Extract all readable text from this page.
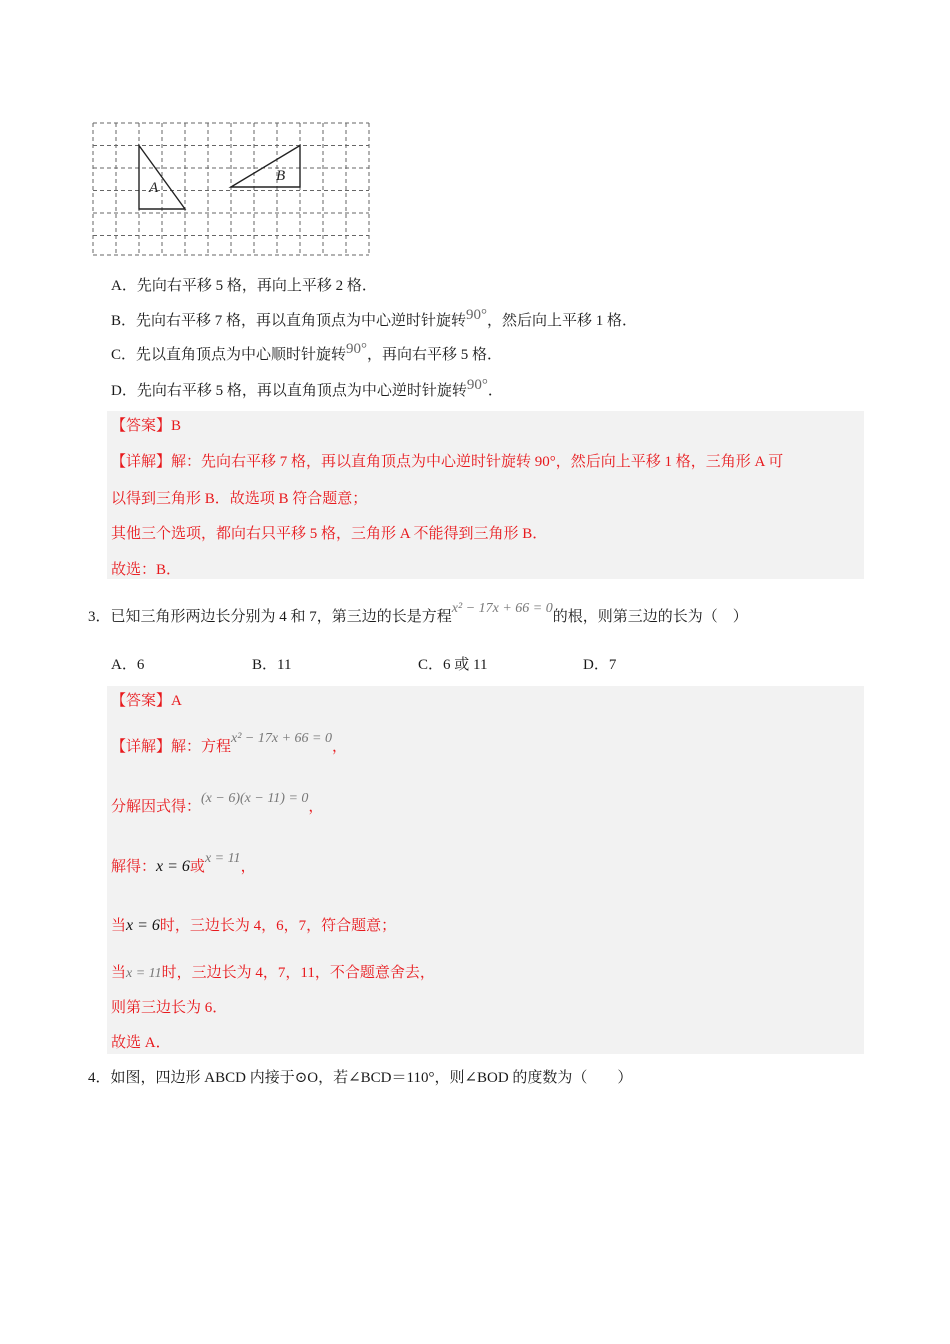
A
B
A．先向右平移 5 格，再向上平移 2 格．
B．先向右平移 7 格，再以直角顶点为中心逆时针旋转90°，然后向上平移 1 格．
C．先以直角顶点为中心顺时针旋转90°，再向右平移 5 格．
D．先向右平移 5 格，再以直角顶点为中心逆时针旋转90°．
【答案】B
【详解】解：先向右平移 7 格，再以直角顶点为中心逆时针旋转 90°，然后向上平移 1 格，三角形 A 可
以得到三角形 B．故选项 B 符合题意；
其他三个选项，都向右只平移 5 格，三角形 A 不能得到三角形 B．
故选：B．
3．已知三角形两边长分别为 4 和 7，第三边的长是方程x² − 17x + 66 = 0的根，则第三边的长为（　）
A．6	B．11	C．6 或 11	D．7
【答案】A
【详解】解：方程x² − 17x + 66 = 0，
分解因式得：(x − 6)(x − 11) = 0，
解得：x = 6或x = 11，
当x = 6时，三边长为 4，6，7，符合题意；
当x = 11时，三边长为 4，7，11，不合题意舍去，
则第三边长为 6．
故选 A．
4．如图，四边形 ABCD 内接于⊙O，若∠BCD＝110°，则∠BOD 的度数为（　　）
